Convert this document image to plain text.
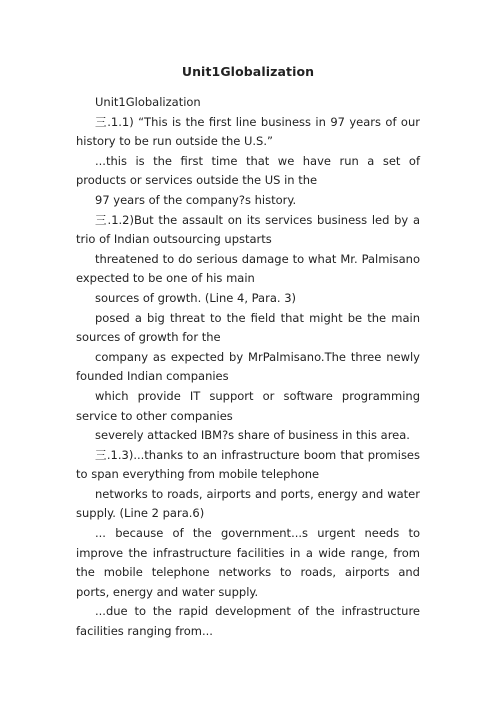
Unit1Globalization

Unit1Globalization

三.1.1) “This is the first line business in 97 years of our history to be run outside the U.S.”

...this is the first time that we have run a set of products or services outside the US in the

97 years of the company?s history.

三.1.2)But the assault on its services business led by a trio of Indian outsourcing upstarts

threatened to do serious damage to what Mr. Palmisano expected to be one of his main

sources of growth. (Line 4, Para. 3)

posed a big threat to the field that might be the main sources of growth for the

company as expected by MrPalmisano.The three newly founded Indian companies

which provide IT support or software programming service to other companies

severely attacked IBM?s share of business in this area.

三.1.3)...thanks to an infrastructure boom that promises to span everything from mobile telephone

networks to roads, airports and ports, energy and water supply. (Line 2 para.6)

... because of the government...s urgent needs to improve the infrastructure facilities in a wide range, from the mobile telephone networks to roads, airports and ports, energy and water supply.

...due to the rapid development of the infrastructure facilities ranging from...
